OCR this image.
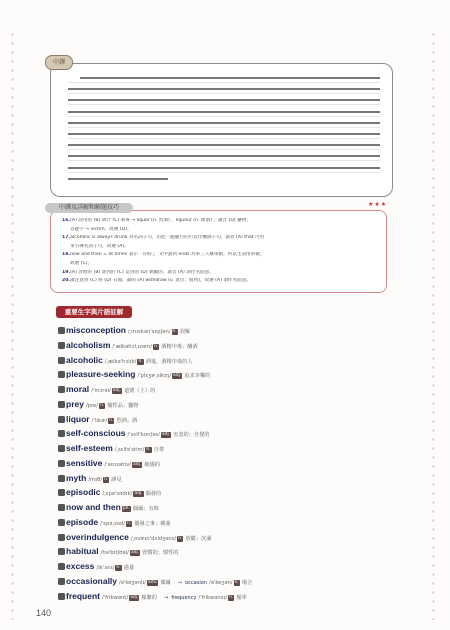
中譯
中譯及詳解和解題技巧	★★★
16.(A) 誤用的 (B) 酒汁 (C) 剎毒 → liquor (n. 烈酒) ，liqueur (n. 甜酒) ；讀音 (D) 獵物；
答題字 → victim，故選 (D)。
17.alcoholic is always drunk 為名詞子句，但此一題題目的可以作酗酒子句，讀者 (A) that 可用
來引導名詞子句，故選 (A)。
18.now and then = at times 表示「有時」，文中說到 ends 為單三人稱單數，所以主詞用單數，
故選 (C)。
19.(A) 習慣的 (B) 想到的 (C) 這到的 (D) 偶爾的，讀音 (A) 酒作名面意。
20.讀注意到 (C) 經 (D) 石頭，讀明 (A) withdraw (v. 退出；收到)，故選 (A) 酒作名面意。
重要生字與片語註解
misconception /ˌmɪskənˈsɛpʃən/ n. 誤解
alcoholism /ˈælkəhɔlˌɪzəm/ n. 酒精中毒；酗酒
alcoholic /ˌælkəˈhɔlɪk/ n. 酒鬼，酒精中毒的人
pleasure-seeking /ˈplɛʒɚˌsikɪŋ/ adj. 追求享樂的
moral /ˈmɔrəl/ adj. 道德（上）的
prey /pre/ n. 犧牲品；獵物
liquor /ˈlɪkɚ/ n. 烈酒；酒
self-conscious /ˈsɛlfˈkɑnʃəs/ adj. 害羞的；自覺的
self-esteem /ˌsɛlfəˈstim/ n. 自尊
sensitive /ˈsɛnsətɪv/ adj. 敏感的
myth /mɪθ/ n. 謬見
episodic /ˌɛpəˈsɑdɪk/ adj. 偶發的
now and then ph. 偶爾；有時
episode /ˈɛpəˌsod/ n. 偶發之事；插曲
overindulgence /ˌovɚɪnˈdʌldʒəns/ n. 放縱；沉湎
habitual /həˈbɪtʃʊəl/ adj. 習慣的；慣性的
excess /ɪkˈsɛs/ n. 過量
occasionally /əˈkeʒənl̩ɪ/ adv. 偶爾 → occasion /əˈkeʒən/ n. 場合
frequent /ˈfrikwənt/ adj. 頻繁的 → frequency /ˈfrikwənsɪ/ n. 頻率
140
